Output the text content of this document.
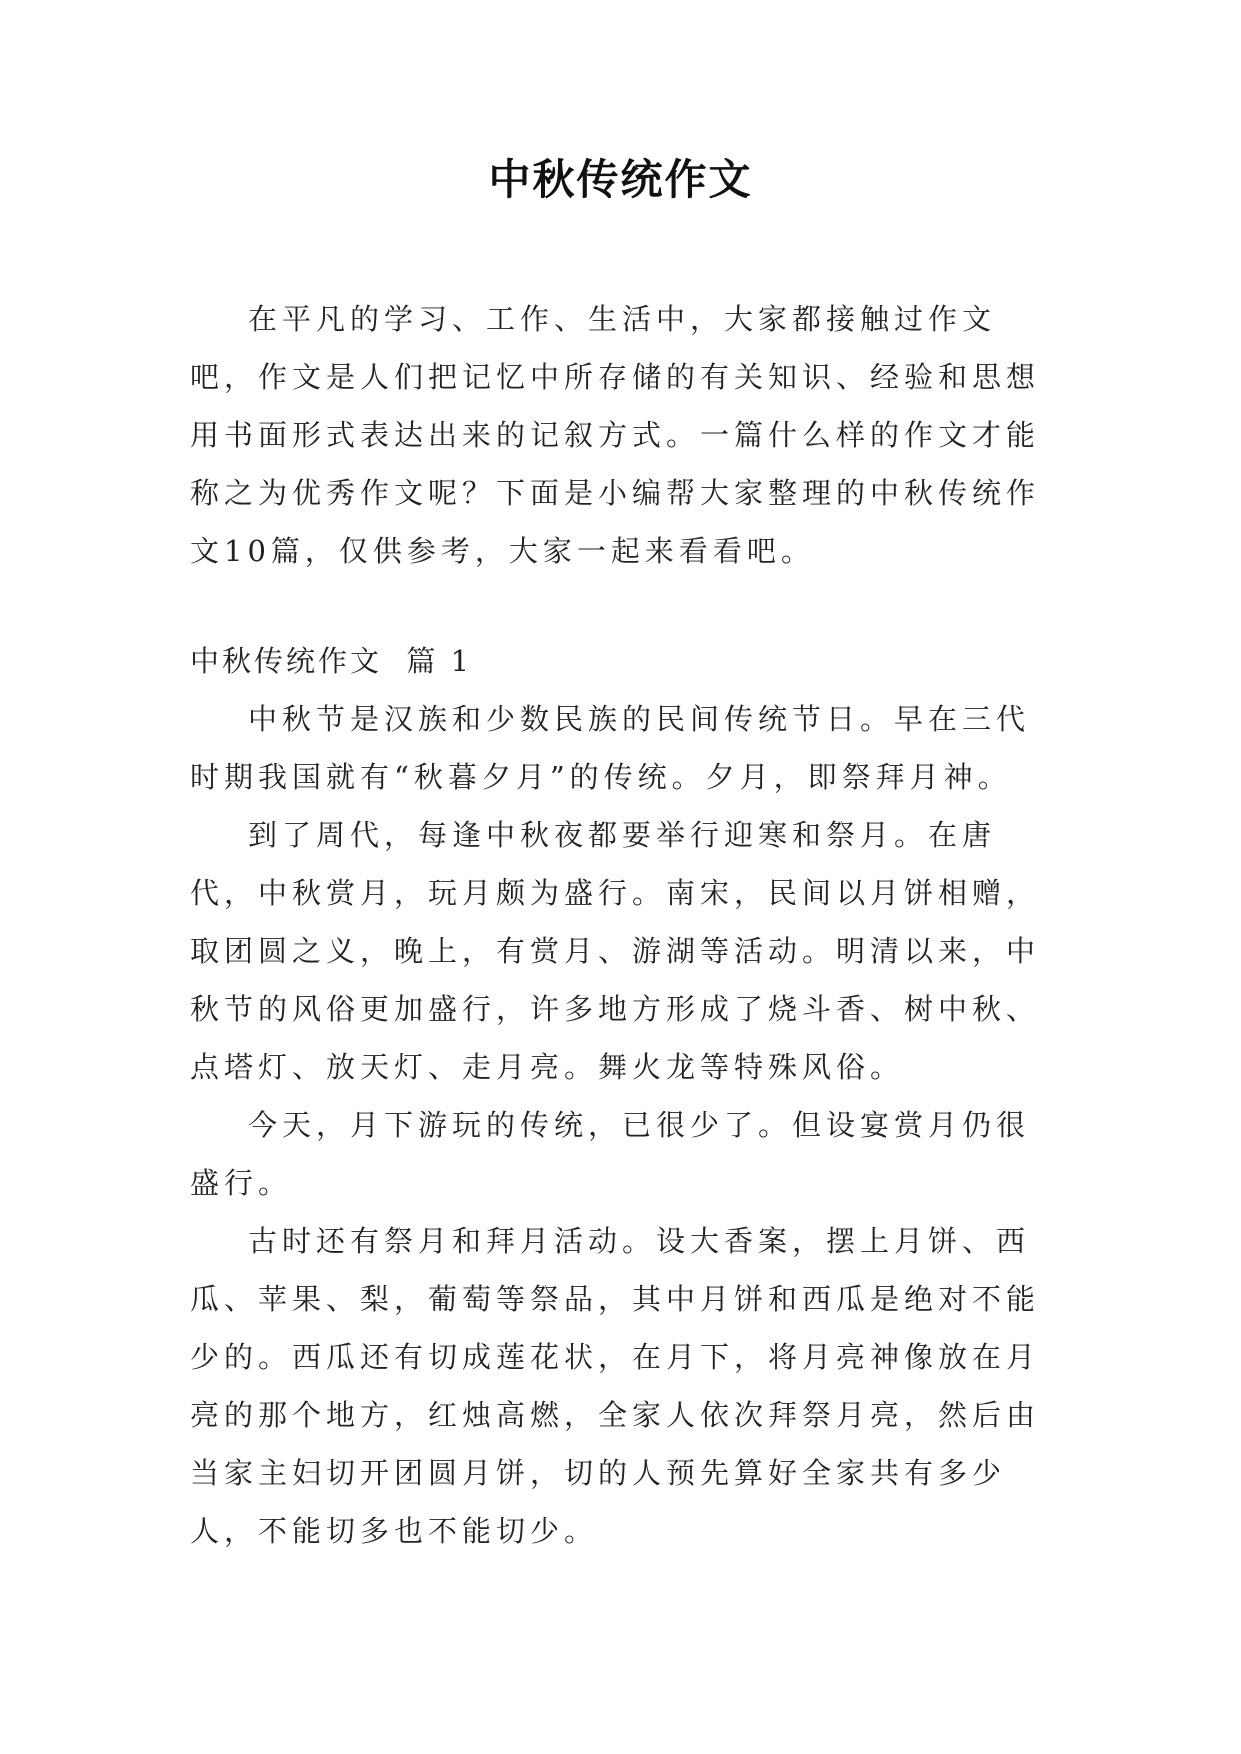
中秋传统作文

在平凡的学习、工作、生活中，大家都接触过作文吧，作文是人们把记忆中所存储的有关知识、经验和思想用书面形式表达出来的记叙方式。一篇什么样的作文才能称之为优秀作文呢？下面是小编帮大家整理的中秋传统作文10篇，仅供参考，大家一起来看看吧。

中秋传统作文  篇 1

中秋节是汉族和少数民族的民间传统节日。早在三代时期我国就有“秋暮夕月”的传统。夕月，即祭拜月神。

到了周代，每逢中秋夜都要举行迎寒和祭月。在唐代，中秋赏月，玩月颇为盛行。南宋，民间以月饼相赠，取团圆之义，晚上，有赏月、游湖等活动。明清以来，中秋节的风俗更加盛行，许多地方形成了烧斗香、树中秋、点塔灯、放天灯、走月亮。舞火龙等特殊风俗。

今天，月下游玩的传统，已很少了。但设宴赏月仍很盛行。

古时还有祭月和拜月活动。设大香案，摆上月饼、西瓜、苹果、梨，葡萄等祭品，其中月饼和西瓜是绝对不能少的。西瓜还有切成莲花状，在月下，将月亮神像放在月亮的那个地方，红烛高燃，全家人依次拜祭月亮，然后由当家主妇切开团圆月饼，切的人预先算好全家共有多少人，不能切多也不能切少。
